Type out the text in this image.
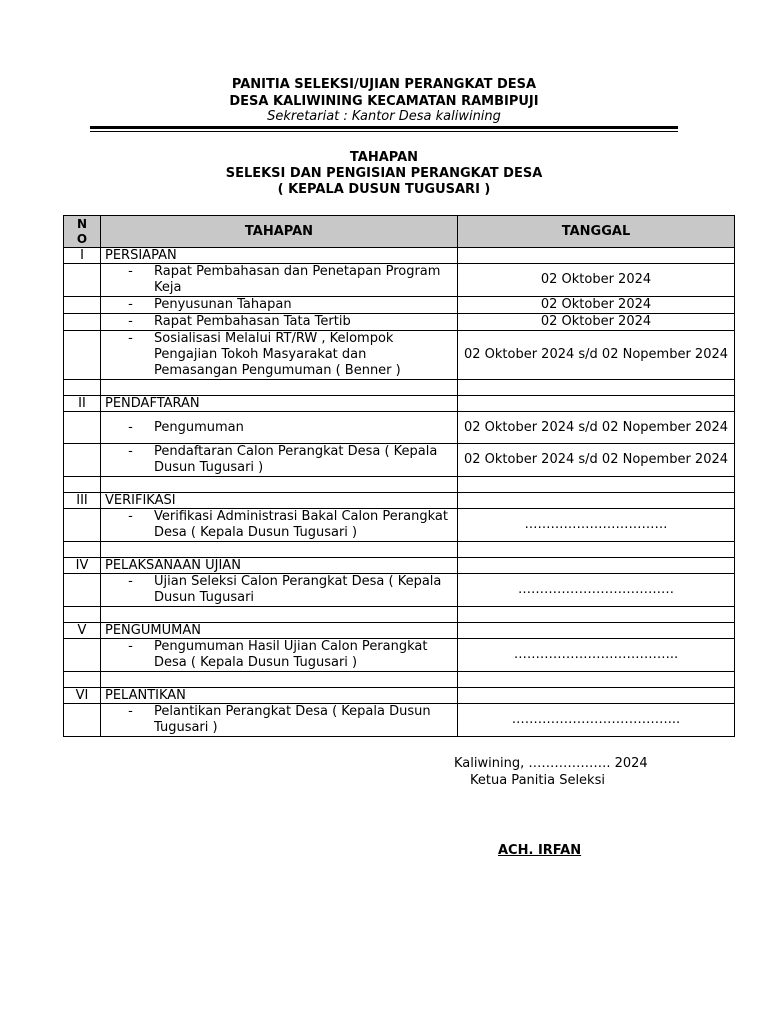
PANITIA SELEKSI/UJIAN PERANGKAT DESA
DESA KALIWINING KECAMATAN RAMBIPUJI
Sekretariat : Kantor Desa kaliwining
TAHAPAN
SELEKSI DAN PENGISIAN PERANGKAT DESA
( KEPALA DUSUN TUGUSARI )
N
O	TAHAPAN	TANGGAL
I	PERSIAPAN	

	- Rapat Pembahasan dan Penetapan Program Keja	02 Oktober 2024

	- Penyusunan Tahapan	02 Oktober 2024

	- Rapat Pembahasan Tata Tertib	02 Oktober 2024

	- Sosialisasi Melalui RT/RW , Kelompok Pengajian Tokoh Masyarakat dan Pemasangan Pengumuman ( Benner )	02 Oktober 2024 s/d 02 Nopember 2024

II	PENDAFTARAN	

	- Pengumuman	02 Oktober 2024 s/d 02 Nopember 2024

	- Pendaftaran Calon Perangkat Desa ( Kepala Dusun Tugusari )	02 Oktober 2024 s/d 02 Nopember 2024

III	VERIFIKASI	

	- Verifikasi Administrasi Bakal Calon Perangkat Desa ( Kepala Dusun Tugusari )	……………………………

IV	PELAKSANAAN UJIAN	

	- Ujian Seleksi Calon Perangkat Desa ( Kepala Dusun Tugusari	………………………………

V	PENGUMUMAN	

	- Pengumuman Hasil Ujian Calon Perangkat Desa ( Kepala Dusun Tugusari )	………………………………..

VI	PELANTIKAN	

	- Pelantikan Perangkat Desa ( Kepala Dusun Tugusari )	………………………………...
Kaliwining, ………………. 2024
Ketua Panitia Seleksi
ACH. IRFAN
